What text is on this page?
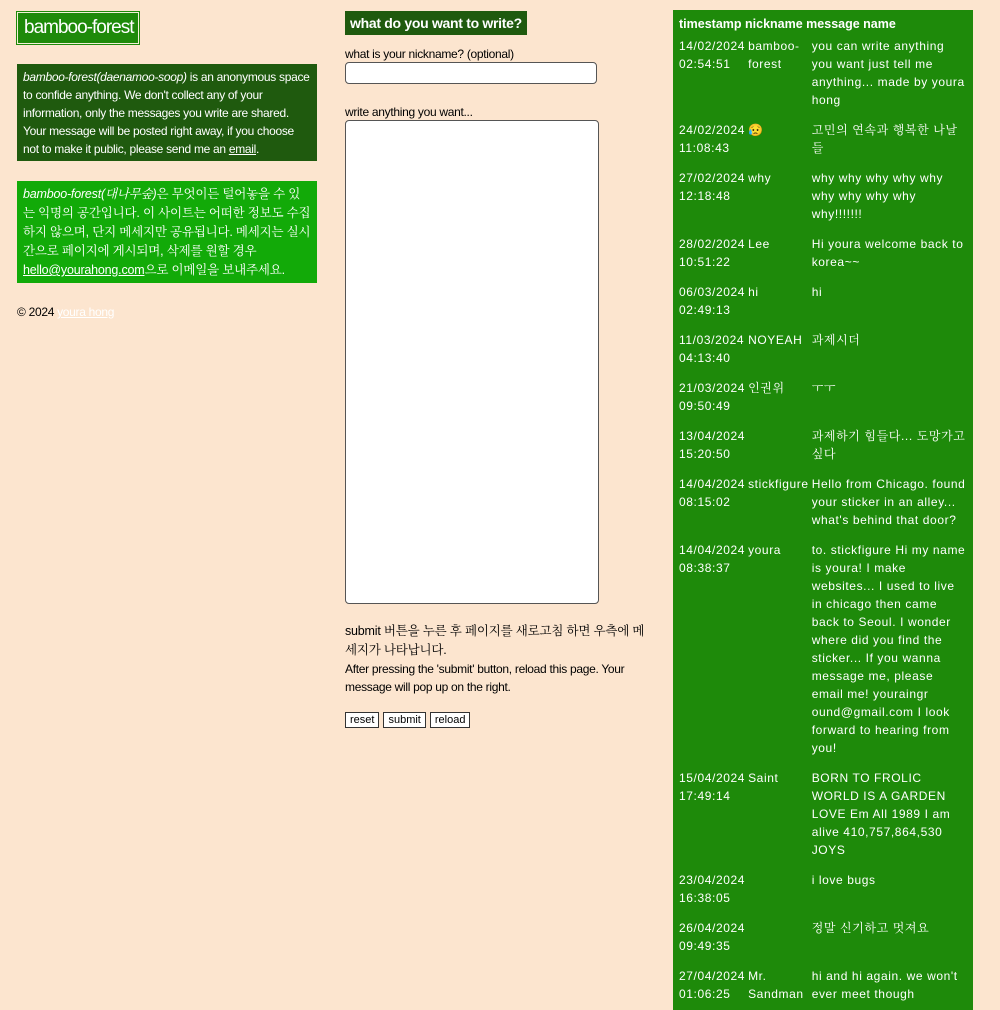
bamboo-forest
bamboo-forest(daenamoo-soop) is an anonymous space to confide anything. We don't collect any of your information, only the messages you write are shared. Your message will be posted right away, if you choose not to make it public, please send me an email.
bamboo-forest(대나무숲)은 무엇이든 털어놓을 수 있는 익명의 공간입니다. 이 사이트는 어떠한 정보도 수집하지 않으며, 단지 메세지만 공유됩니다. 메세지는 실시간으로 페이지에 게시되며, 삭제를 원할 경우 hello@yourahong.com으로 이메일을 보내주세요.
© 2024 youra hong
what do you want to write?
what is your nickname? (optional)
write anything you want...
submit 버튼을 누른 후 페이지를 새로고침 하면 우측에 메세지가 나타납니다.
After pressing the 'submit' button, reload this page. Your message will pop up on the right.
reset	submit	reload
timestamp nickname message name		

14/02/2024
02:54:51	bamboo-forest	you can write anything you want just tell me anything... made by youra hong

24/02/2024
11:08:43	😥	고민의 연속과 행복한 나날들

27/02/2024
12:18:48	why	why why why why why why why why why why!!!!!!!

28/02/2024
10:51:22	Lee	Hi youra welcome back to korea~~

06/03/2024
02:49:13	hi	hi

11/03/2024
04:13:40	NOYEAH	과제시더

21/03/2024
09:50:49	인권위	ㅜㅜ

13/04/2024
15:20:50		과제하기 힘들다... 도망가고싶다

14/04/2024
08:15:02	stickfigure	Hello from Chicago. found your sticker in an alley... what's behind that door?

14/04/2024
08:38:37	youra	to. stickfigure Hi my name is youra! I make websites... I used to live in chicago then came back to Seoul. I wonder where did you find the sticker... If you wanna message me, please email me! youraingr​ound@gmail.com I look forward to hearing from you!

15/04/2024
17:49:14	Saint	BORN TO FROLIC WORLD IS A GARDEN LOVE Em All 1989 I am alive 410,757,864,530 JOYS

23/04/2024
16:38:05		i love bugs

26/04/2024
09:49:35		정말 신기하고 멋져요

27/04/2024
01:06:25	Mr. Sandman	hi and hi again. we won't ever meet though
